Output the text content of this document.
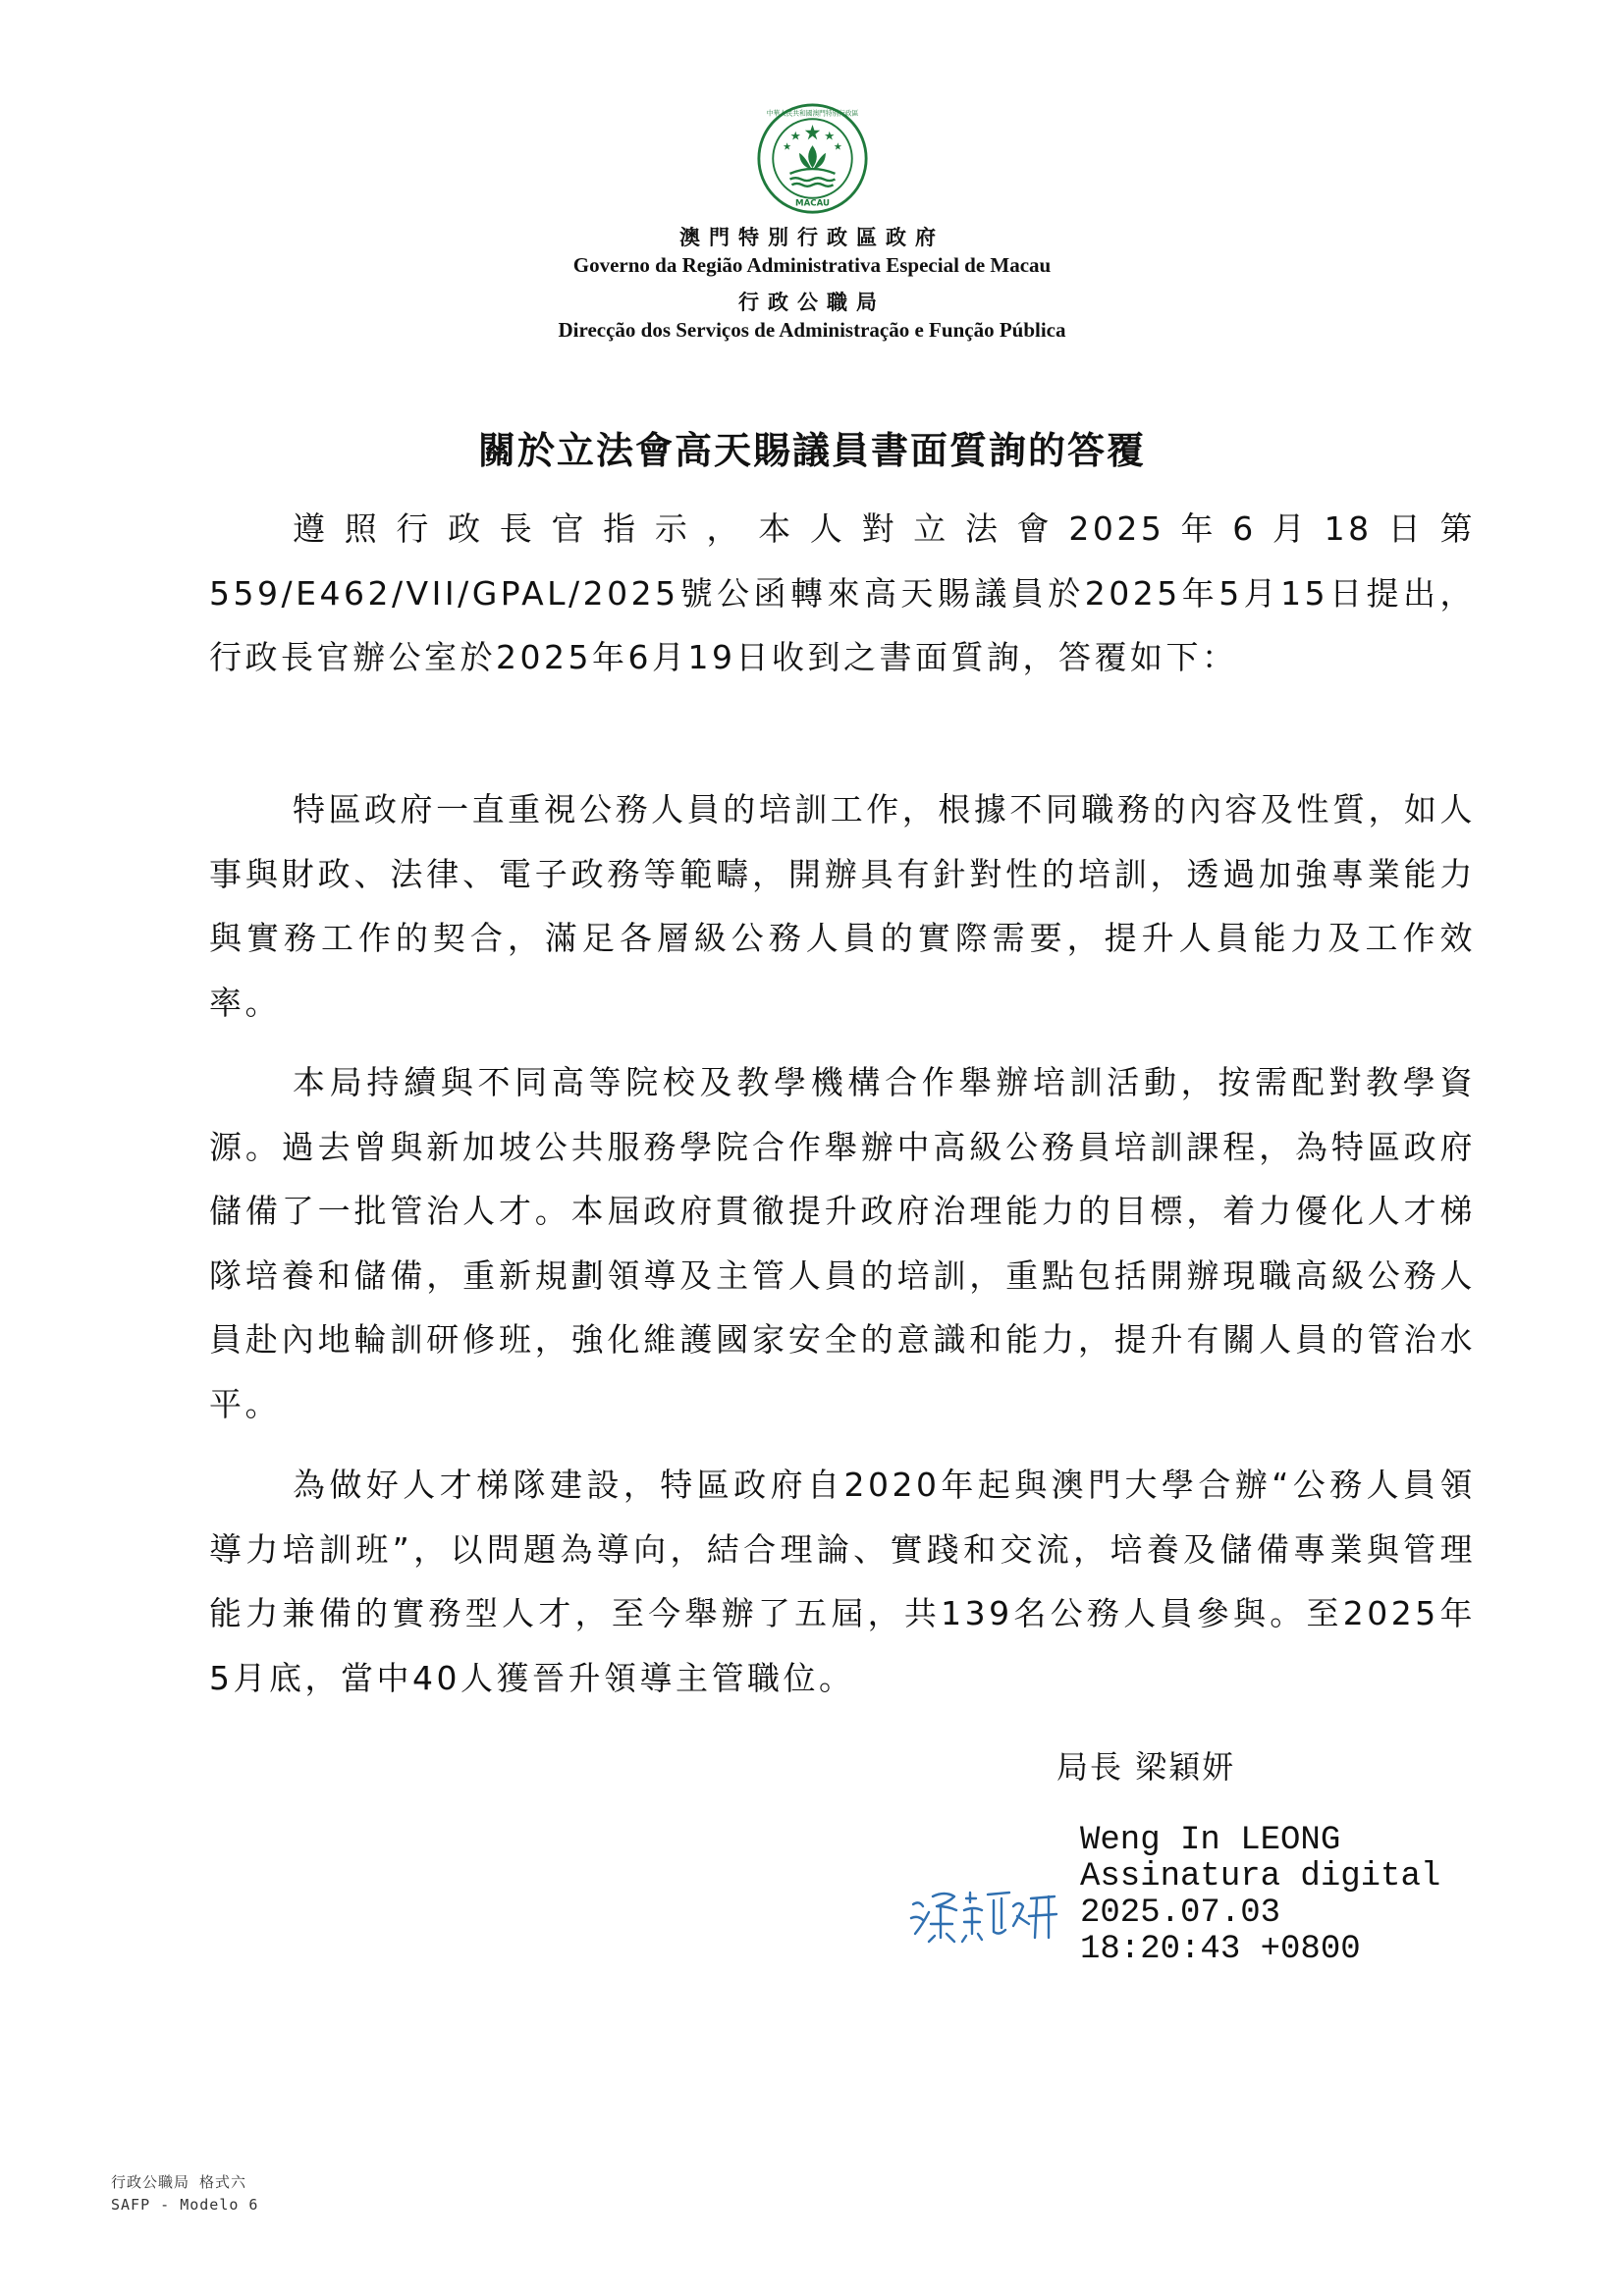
中華人民共和國澳門特別行政區
MACAU
澳門特別行政區政府
Governo da Região Administrativa Especial de Macau
行政公職局
Direcção dos Serviços de Administração e Função Pública
關於立法會高天賜議員書面質詢的答覆

遵照行政長官指示，本人對立法會2025年6月18日第559/E462/VII/GPAL/2025號公函轉來高天賜議員於2025年5月15日提出，行政長官辦公室於2025年6月19日收到之書面質詢，答覆如下：

特區政府一直重視公務人員的培訓工作，根據不同職務的內容及性質，如人事與財政、法律、電子政務等範疇，開辦具有針對性的培訓，透過加強專業能力與實務工作的契合，滿足各層級公務人員的實際需要，提升人員能力及工作效率。

本局持續與不同高等院校及教學機構合作舉辦培訓活動，按需配對教學資源。過去曾與新加坡公共服務學院合作舉辦中高級公務員培訓課程，為特區政府儲備了一批管治人才。本屆政府貫徹提升政府治理能力的目標，着力優化人才梯隊培養和儲備，重新規劃領導及主管人員的培訓，重點包括開辦現職高級公務人員赴內地輪訓研修班，強化維護國家安全的意識和能力，提升有關人員的管治水平。

為做好人才梯隊建設，特區政府自2020年起與澳門大學合辦“公務人員領導力培訓班”，以問題為導向，結合理論、實踐和交流，培養及儲備專業與管理能力兼備的實務型人才，至今舉辦了五屆，共139名公務人員參與。至2025年5月底，當中40人獲晉升領導主管職位。

局長 梁穎妍
Weng In LEONG
Assinatura digital
2025.07.03
18:20:43 +0800
行政公職局 格式六
SAFP - Modelo 6
